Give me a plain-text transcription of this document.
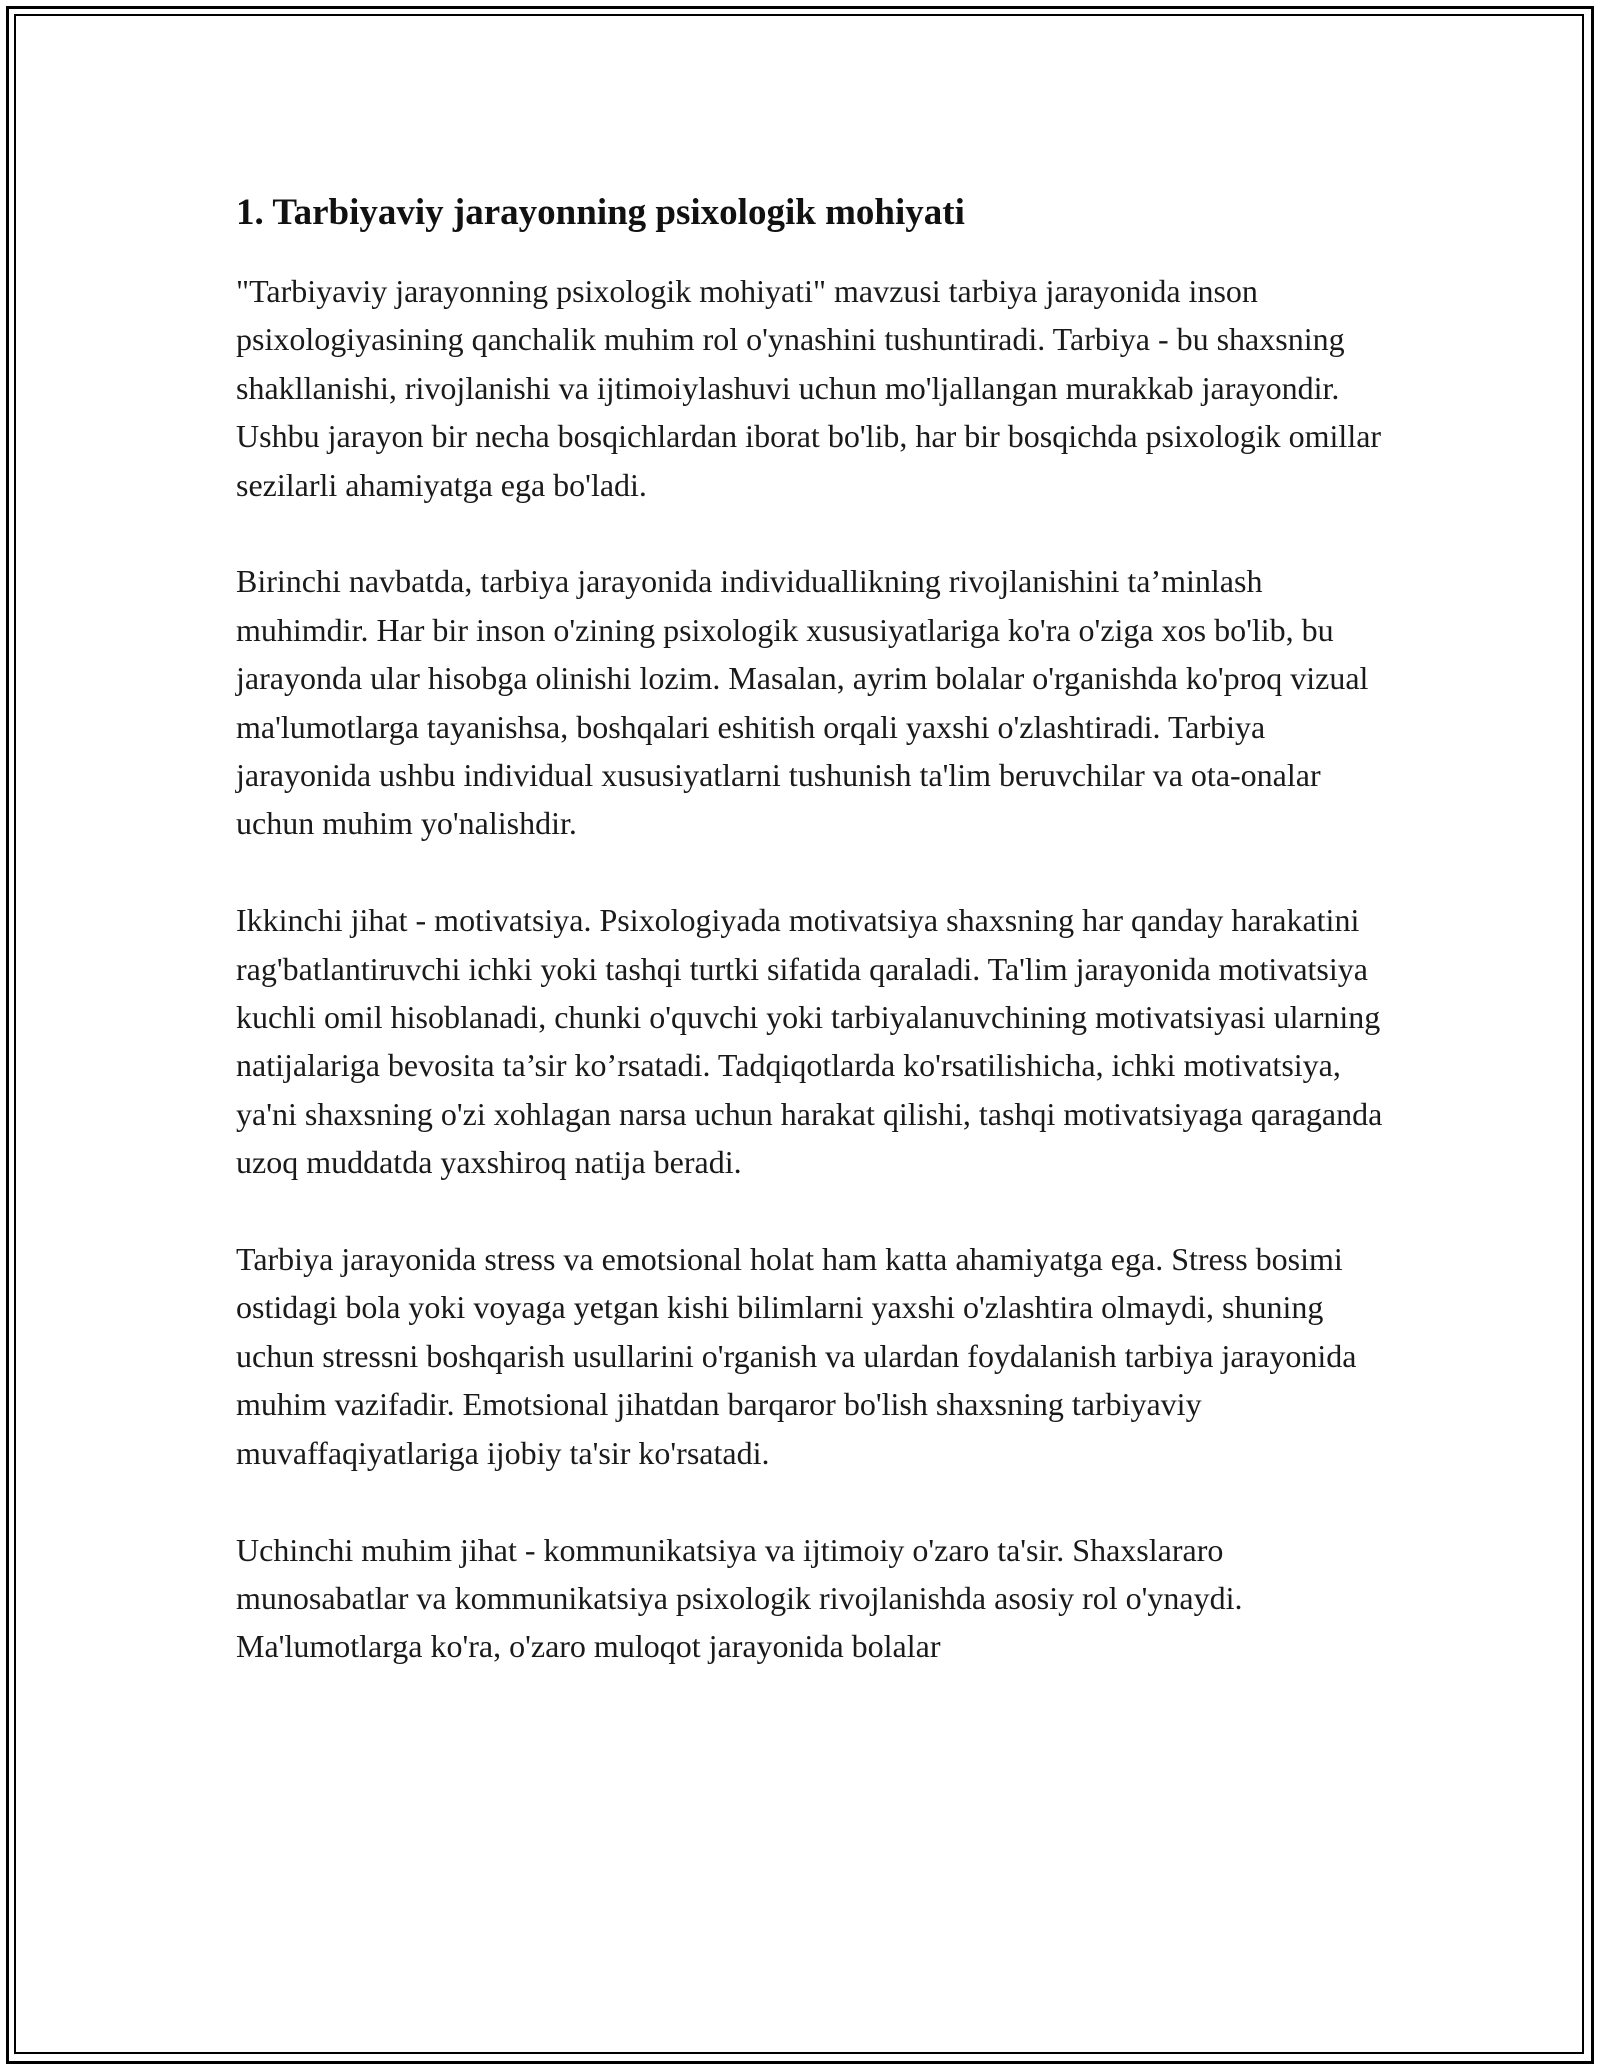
1. Tarbiyaviy jarayonning psixologik mohiyati

"Tarbiyaviy jarayonning psixologik mohiyati" mavzusi tarbiya jarayonida inson psixologiyasining qanchalik muhim rol o'ynashini tushuntiradi. Tarbiya - bu shaxsning shakllanishi, rivojlanishi va ijtimoiylashuvi uchun mo'ljallangan murakkab jarayondir. Ushbu jarayon bir necha bosqichlardan iborat bo'lib, har bir bosqichda psixologik omillar sezilarli ahamiyatga ega bo'ladi.

Birinchi navbatda, tarbiya jarayonida individuallikning rivojlanishini ta’minlash muhimdir. Har bir inson o'zining psixologik xususiyatlariga ko'ra o'ziga xos bo'lib, bu jarayonda ular hisobga olinishi lozim. Masalan, ayrim bolalar o'rganishda ko'proq vizual ma'lumotlarga tayanishsa, boshqalari eshitish orqali yaxshi o'zlashtiradi. Tarbiya jarayonida ushbu individual xususiyatlarni tushunish ta'lim beruvchilar va ota-onalar uchun muhim yo'nalishdir.

Ikkinchi jihat - motivatsiya. Psixologiyada motivatsiya shaxsning har qanday harakatini rag'batlantiruvchi ichki yoki tashqi turtki sifatida qaraladi. Ta'lim jarayonida motivatsiya kuchli omil hisoblanadi, chunki o'quvchi yoki tarbiyalanuvchining motivatsiyasi ularning natijalariga bevosita ta’sir ko’rsatadi. Tadqiqotlarda ko'rsatilishicha, ichki motivatsiya, ya'ni shaxsning o'zi xohlagan narsa uchun harakat qilishi, tashqi motivatsiyaga qaraganda uzoq muddatda yaxshiroq natija beradi.

Tarbiya jarayonida stress va emotsional holat ham katta ahamiyatga ega. Stress bosimi ostidagi bola yoki voyaga yetgan kishi bilimlarni yaxshi o'zlashtira olmaydi, shuning uchun stressni boshqarish usullarini o'rganish va ulardan foydalanish tarbiya jarayonida muhim vazifadir. Emotsional jihatdan barqaror bo'lish shaxsning tarbiyaviy muvaffaqiyatlariga ijobiy ta'sir ko'rsatadi.

Uchinchi muhim jihat - kommunikatsiya va ijtimoiy o'zaro ta'sir. Shaxslararo munosabatlar va kommunikatsiya psixologik rivojlanishda asosiy rol o'ynaydi. Ma'lumotlarga ko'ra, o'zaro muloqot jarayonida bolalar
